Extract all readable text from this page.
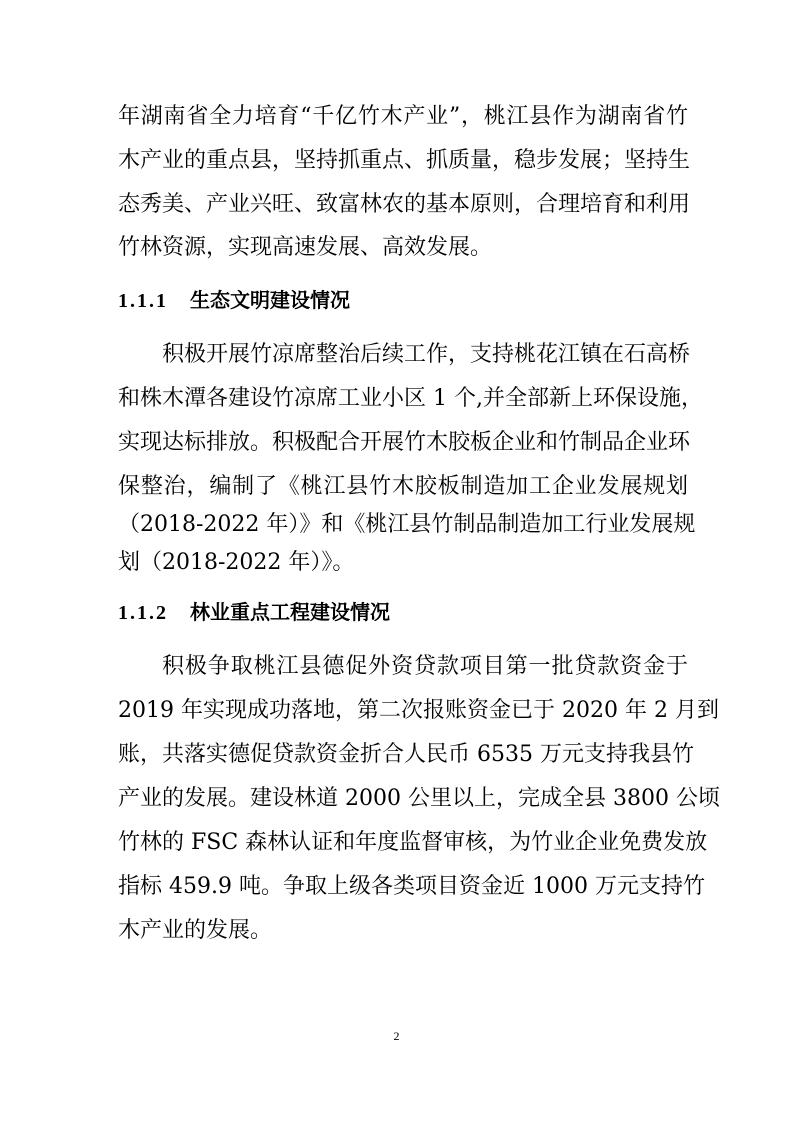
年湖南省全力培育“千亿竹木产业”，桃江县作为湖南省竹
木产业的重点县，坚持抓重点、抓质量，稳步发展；坚持生
态秀美、产业兴旺、致富林农的基本原则，合理培育和利用
竹林资源，实现高速发展、高效发展。
1.1.1 生态文明建设情况
积极开展竹凉席整治后续工作，支持桃花江镇在石高桥
和株木潭各建设竹凉席工业小区 1 个,并全部新上环保设施，
实现达标排放。积极配合开展竹木胶板企业和竹制品企业环
保整治，编制了《桃江县竹木胶板制造加工企业发展规划
（2018-2022 年）》和《桃江县竹制品制造加工行业发展规
划（2018-2022 年）》。
1.1.2 林业重点工程建设情况
积极争取桃江县德促外资贷款项目第一批贷款资金于
2019 年实现成功落地，第二次报账资金已于 2020 年 2 月到
账，共落实德促贷款资金折合人民币 6535 万元支持我县竹
产业的发展。建设林道 2000 公里以上，完成全县 3800 公顷
竹林的 FSC 森林认证和年度监督审核，为竹业企业免费发放
指标 459.9 吨。争取上级各类项目资金近 1000 万元支持竹
木产业的发展。
2
